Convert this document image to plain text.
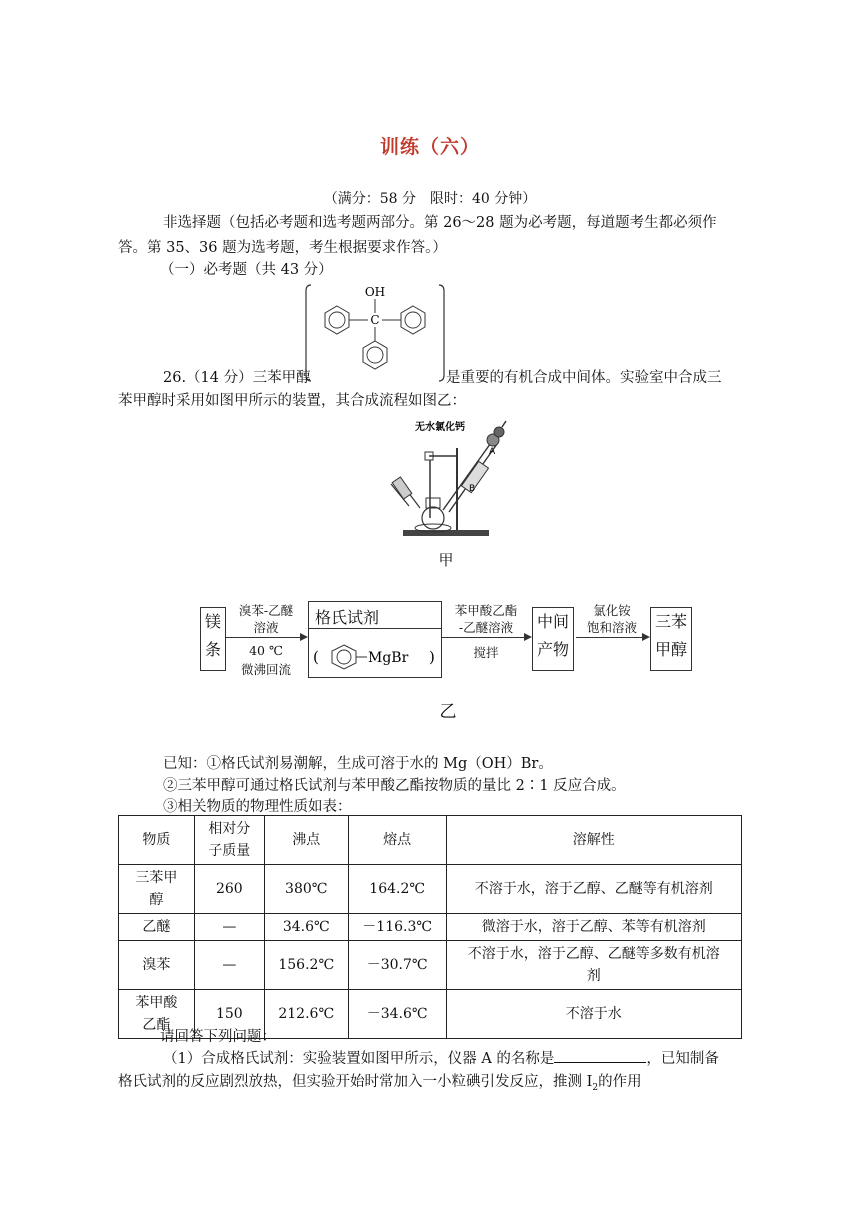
训练（六）
（满分：58 分　限时：40 分钟）
非选择题（包括必考题和选考题两部分。第 26～28 题为必考题，每道题考生都必须作
答。第 35、36 题为选考题，考生根据要求作答。）
（一）必考题（共 43 分）
OH
C
26.（14 分）三苯甲醇	是重要的有机合成中间体。实验室中合成三
苯甲醇时采用如图甲所示的装置，其合成流程如图乙：
无水氯化钙
A
B
甲
镁
条
溴苯-乙醚
溶液
40 ℃
微沸回流
格氏试剂
(	MgBr )
苯甲酸乙酯
-乙醚溶液
搅拌
中间
产物
氯化铵
饱和溶液	三苯
甲醇
乙
已知：①格氏试剂易潮解，生成可溶于水的 Mg（OH）Br。
②三苯甲醇可通过格氏试剂与苯甲酸乙酯按物质的量比 2∶1 反应合成。
③相关物质的物理性质如表：
物质	相对分
子质量	沸点	熔点	溶解性
三苯甲
醇	260	380℃	164.2℃	不溶于水，溶于乙醇、乙醚等有机溶剂
乙醚	—	34.6℃	－116.3℃	微溶于水，溶于乙醇、苯等有机溶剂
溴苯	—	156.2℃	－30.7℃	不溶于水，溶于乙醇、乙醚等多数有机溶
剂
苯甲酸
乙酯	150	212.6℃	－34.6℃	不溶于水
请回答下列问题：
（1）合成格氏试剂：实验装置如图甲所示，仪器 A 的名称是	，已知制备
格氏试剂的反应剧烈放热，但实验开始时常加入一小粒碘引发反应，推测 $I_2$的作用
